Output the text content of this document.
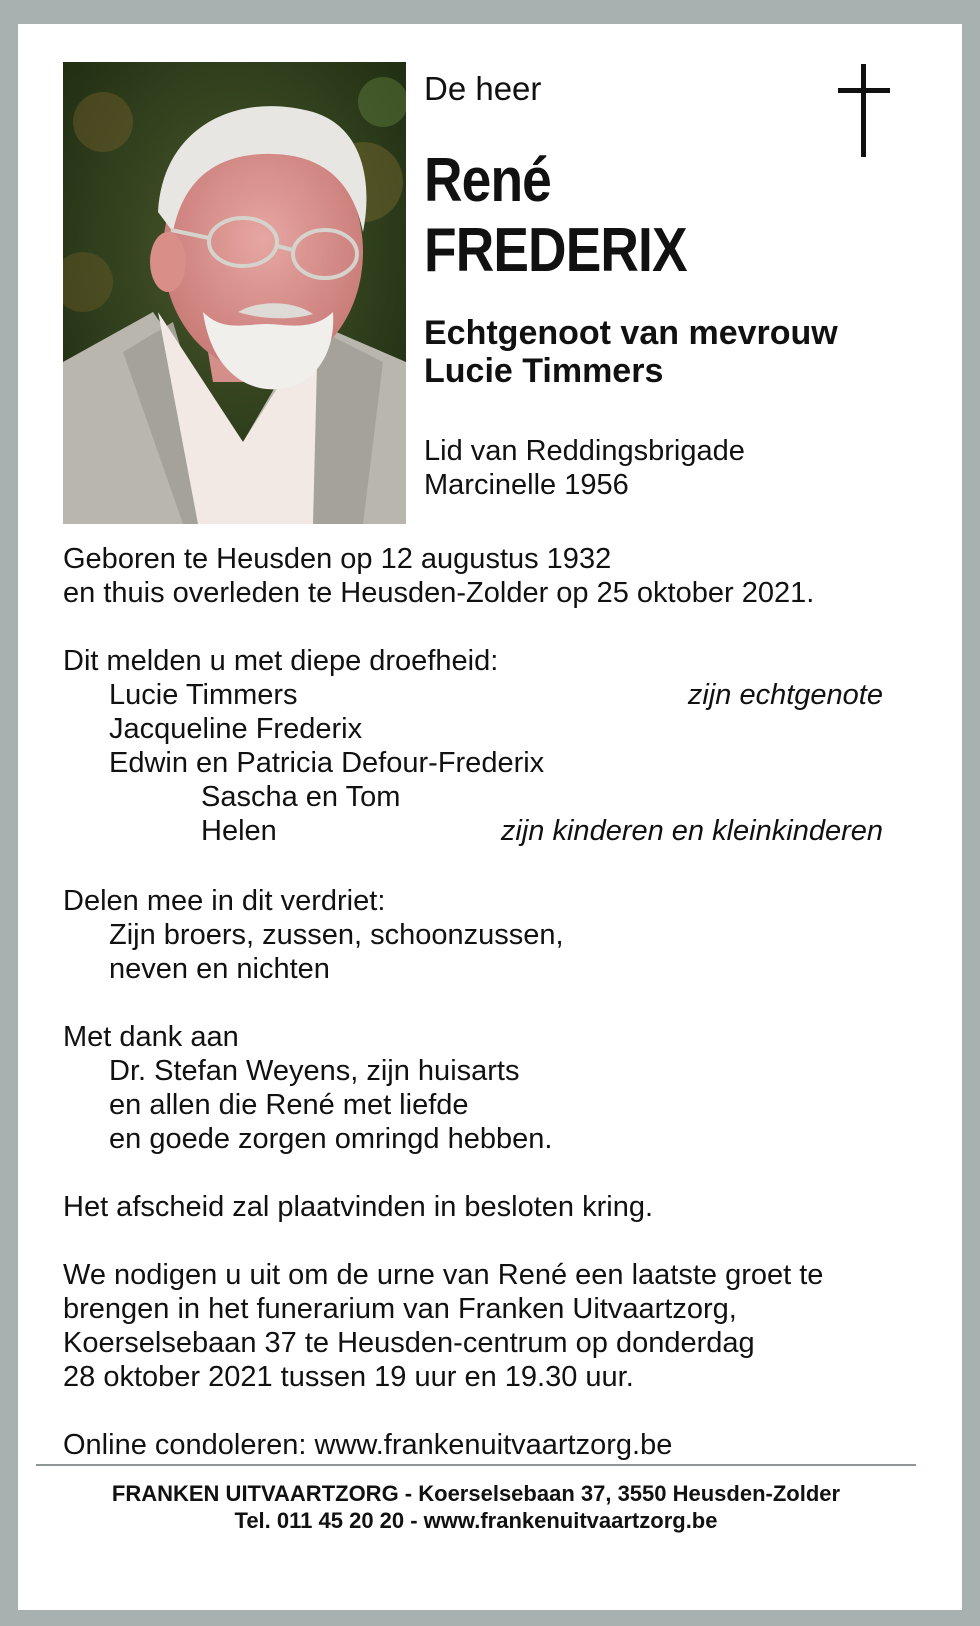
De heer
René
FREDERIX
Echtgenoot van mevrouw
Lucie Timmers
Lid van Reddingsbrigade
Marcinelle 1956
Geboren te Heusden op 12 augustus 1932
en thuis overleden te Heusden-Zolder op 25 oktober 2021.
Dit melden u met diepe droefheid:
Lucie Timmers	zijn echtgenote
Jacqueline Frederix
Edwin en Patricia Defour-Frederix
Sascha en Tom
Helen	zijn kinderen en kleinkinderen
Delen mee in dit verdriet:
Zijn broers, zussen, schoonzussen,
neven en nichten
Met dank aan
Dr. Stefan Weyens, zijn huisarts
en allen die René met liefde
en goede zorgen omringd hebben.
Het afscheid zal plaatvinden in besloten kring.
We nodigen u uit om de urne van René een laatste groet te
brengen in het funerarium van Franken Uitvaartzorg,
Koerselsebaan 37 te Heusden-centrum op donderdag
28 oktober 2021 tussen 19 uur en 19.30 uur.
Online condoleren: www.frankenuitvaartzorg.be
FRANKEN UITVAARTZORG - Koerselsebaan 37, 3550 Heusden-Zolder
Tel. 011 45 20 20 - www.frankenuitvaartzorg.be
